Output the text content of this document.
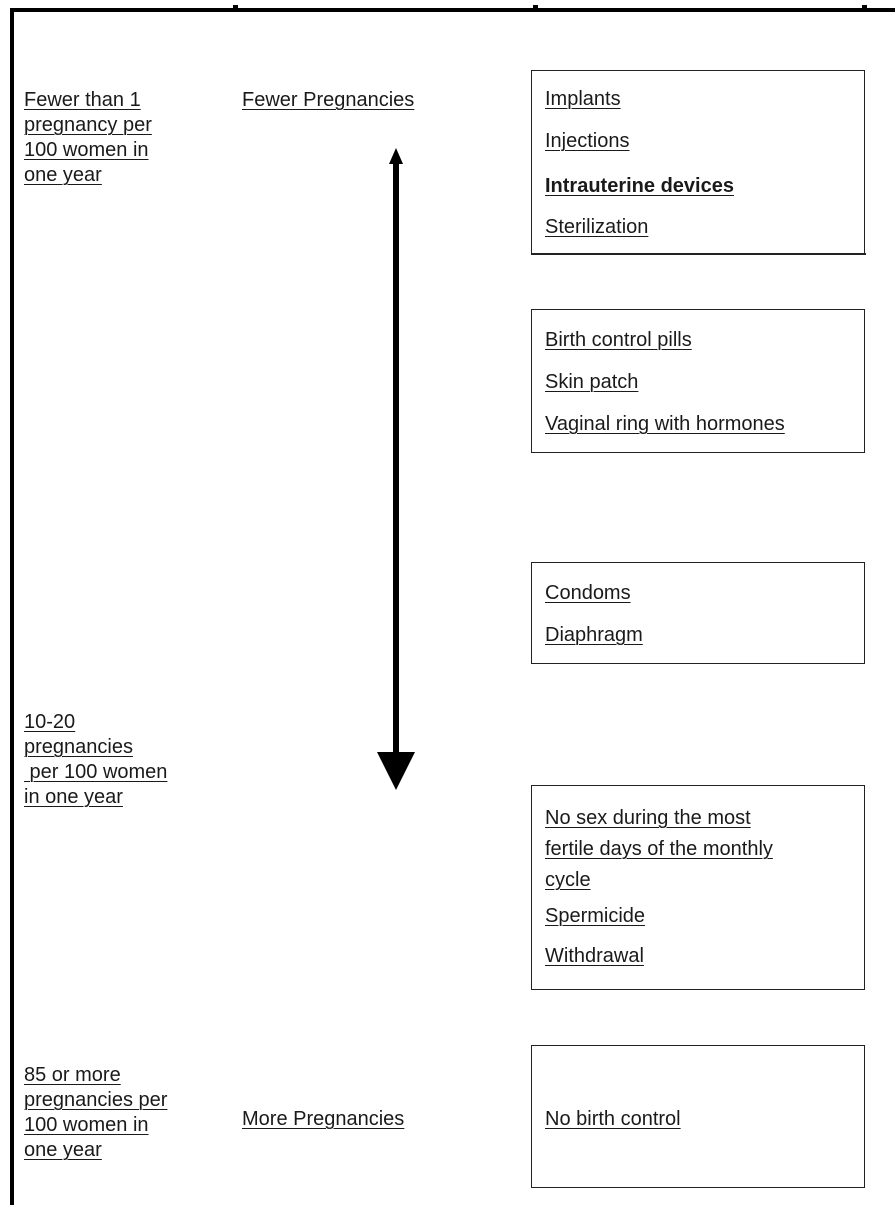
Fewer than 1
pregnancy per
100 women in
one year
10-20
pregnancies
per 100 women
in one year
85 or more
pregnancies per
100 women in
one year
Fewer Pregnancies
More Pregnancies
Implants
Injections
Intrauterine devices
Sterilization
Birth control pills
Skin patch
Vaginal ring with hormones
Condoms
Diaphragm
No sex during the most
fertile days of the monthly
cycle
Spermicide
Withdrawal
No birth control
